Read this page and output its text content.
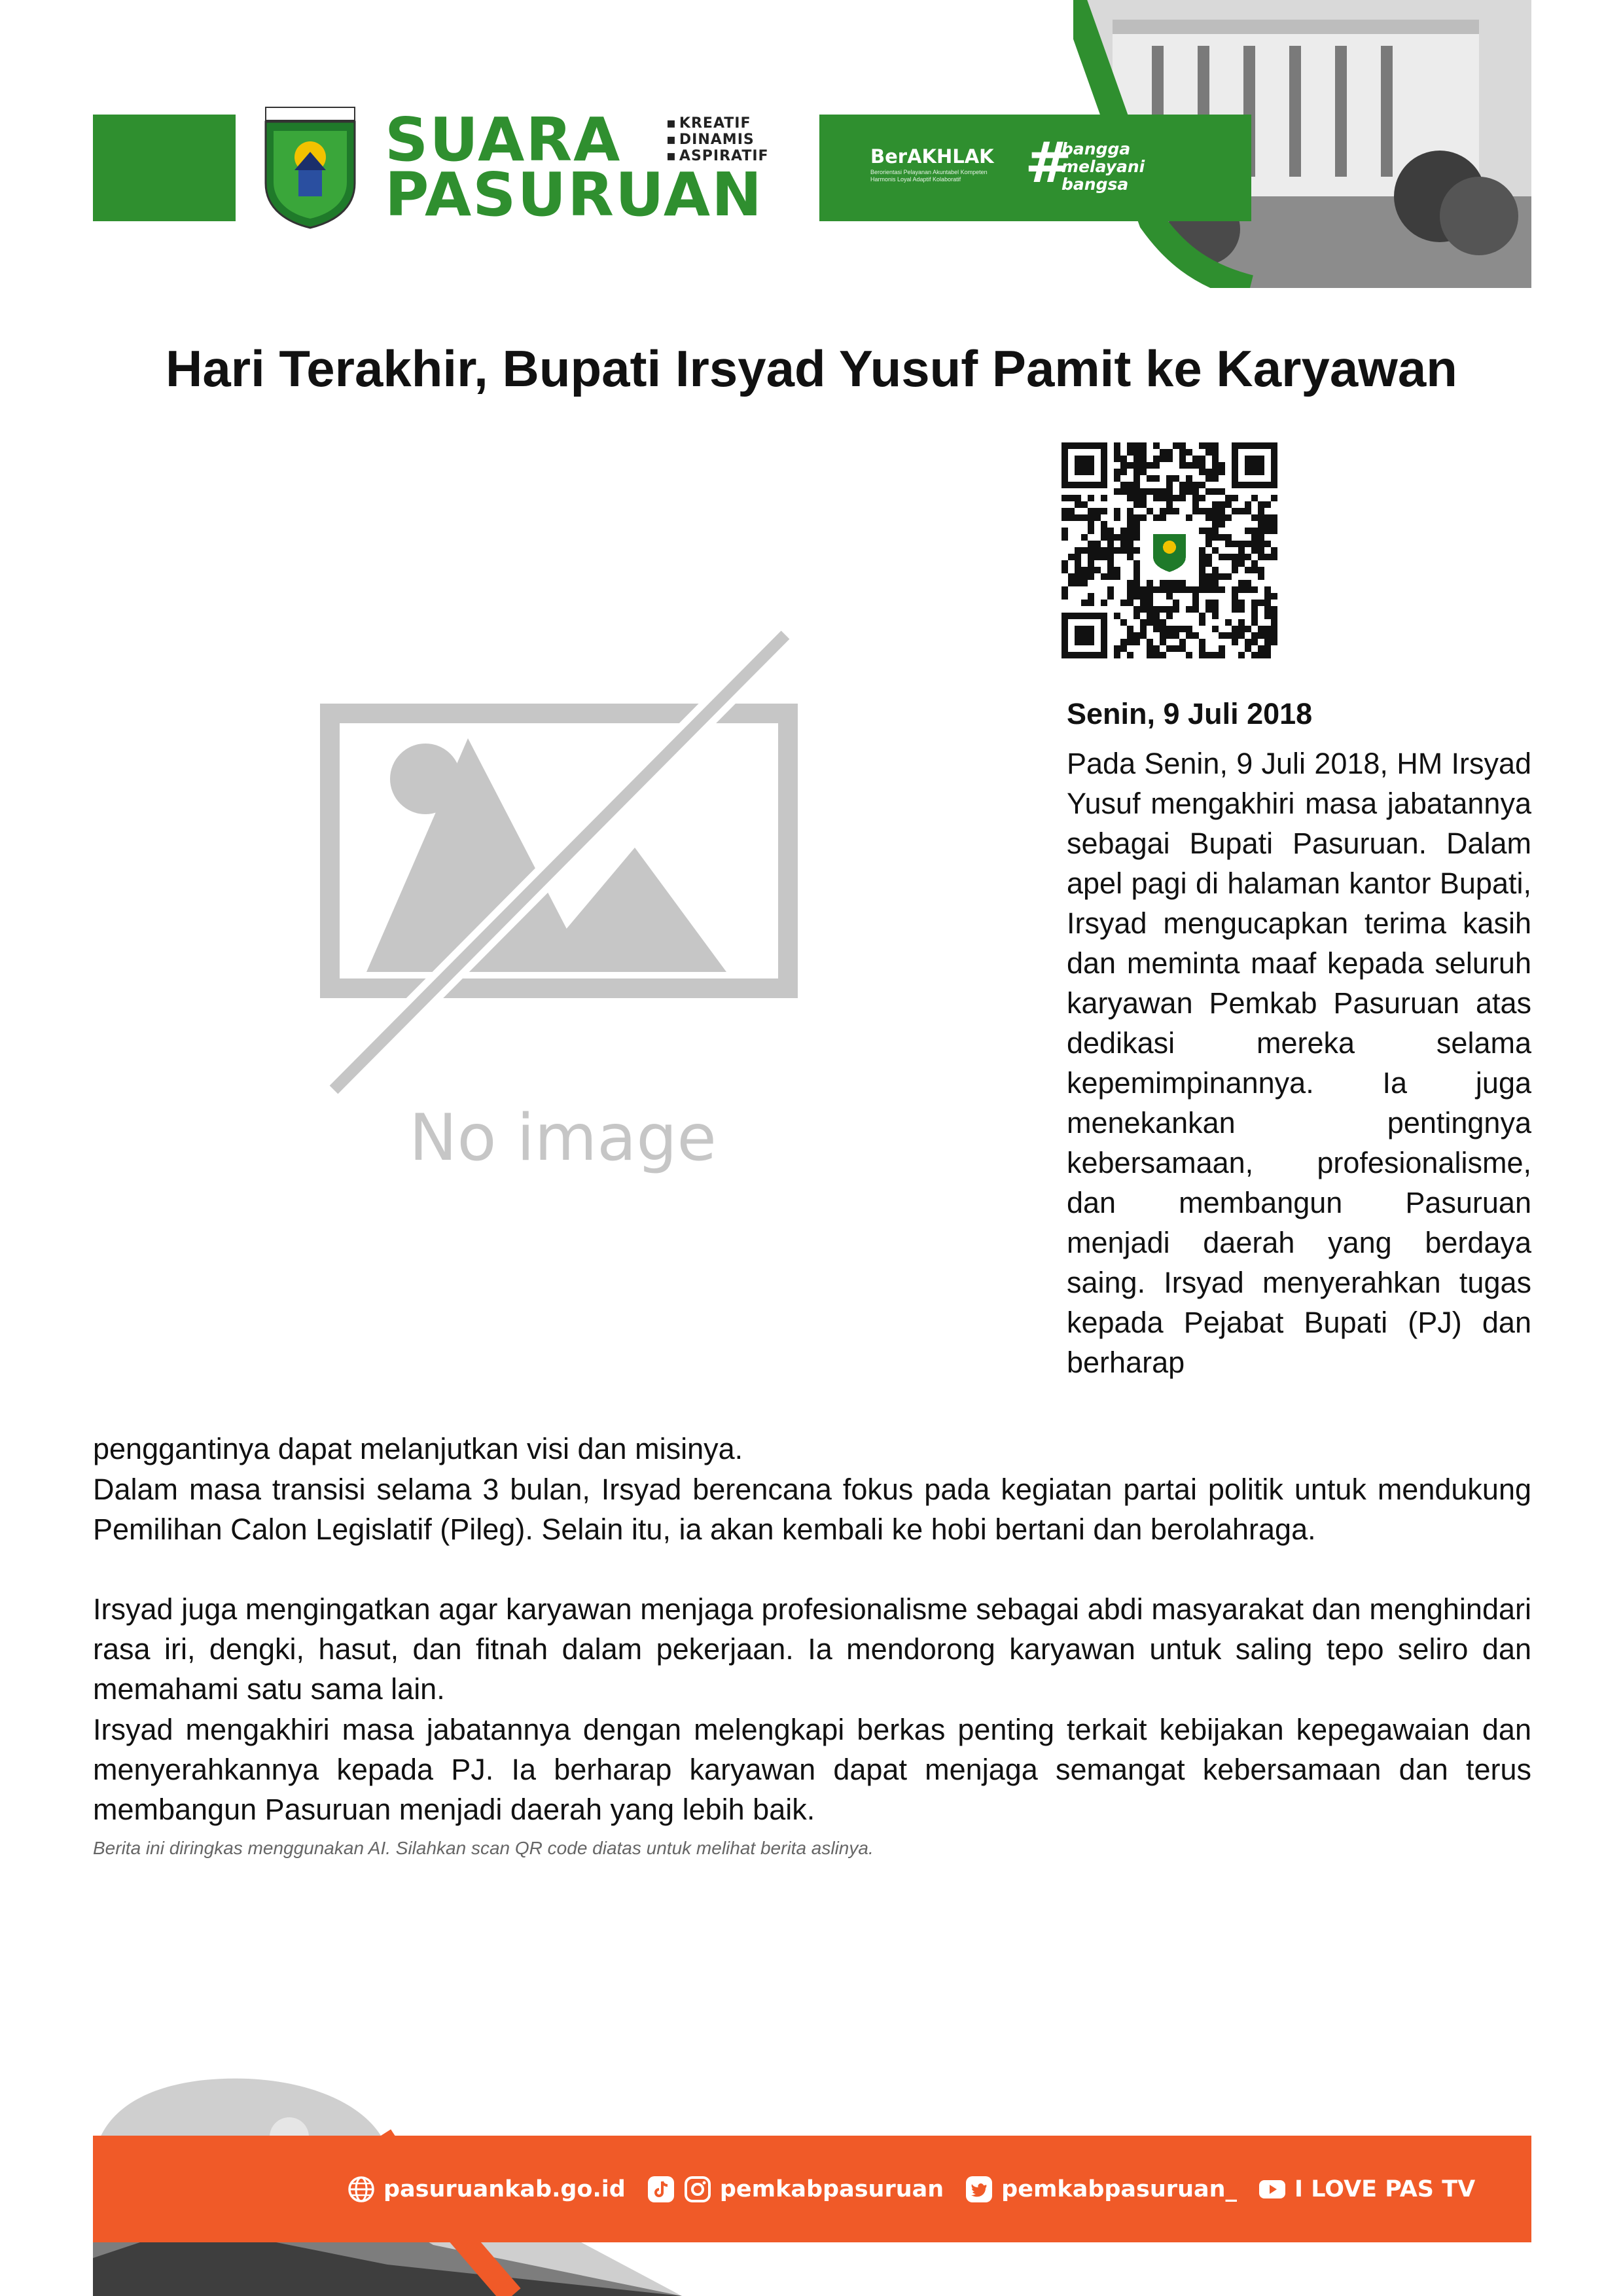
SUARA
PASURUAN
▪ KREATIF
▪ DINAMIS
▪ ASPIRATIF	BerAKHLAK
Berorientasi Pelayanan Akuntabel Kompeten Harmonis Loyal Adaptif Kolaboratif	#
bangga
melayani
bangsa
Hari Terakhir, Bupati Irsyad Yusuf Pamit ke Karyawan
No image
Senin, 9 Juli 2018

Pada Senin, 9 Juli 2018, HM Irsyad Yusuf mengakhiri masa jabatannya sebagai Bupati Pasuruan. Dalam apel pagi di halaman kantor Bupati, Irsyad mengucapkan terima kasih dan meminta maaf kepada seluruh karyawan Pemkab Pasuruan atas dedikasi mereka selama kepemimpinannya. Ia juga menekankan pentingnya kebersamaan, profesionalisme, dan membangun Pasuruan menjadi daerah yang berdaya saing. Irsyad menyerahkan tugas kepada Pejabat Bupati (PJ) dan berharap

penggantinya dapat melanjutkan visi dan misinya.

Dalam masa transisi selama 3 bulan, Irsyad berencana fokus pada kegiatan partai politik untuk mendukung Pemilihan Calon Legislatif (Pileg). Selain itu, ia akan kembali ke hobi bertani dan berolahraga.

Irsyad juga mengingatkan agar karyawan menjaga profesionalisme sebagai abdi masyarakat dan menghindari rasa iri, dengki, hasut, dan fitnah dalam pekerjaan. Ia mendorong karyawan untuk saling tepo seliro dan memahami satu sama lain.

Irsyad mengakhiri masa jabatannya dengan melengkapi berkas penting terkait kebijakan kepegawaian dan menyerahkannya kepada PJ. Ia berharap karyawan dapat menjaga semangat kebersamaan dan terus membangun Pasuruan menjadi daerah yang lebih baik.

Berita ini diringkas menggunakan AI. Silahkan scan QR code diatas untuk melihat berita aslinya.
pasuruankab.go.id	pemkabpasuruan	pemkabpasuruan_	I LOVE PAS TV
